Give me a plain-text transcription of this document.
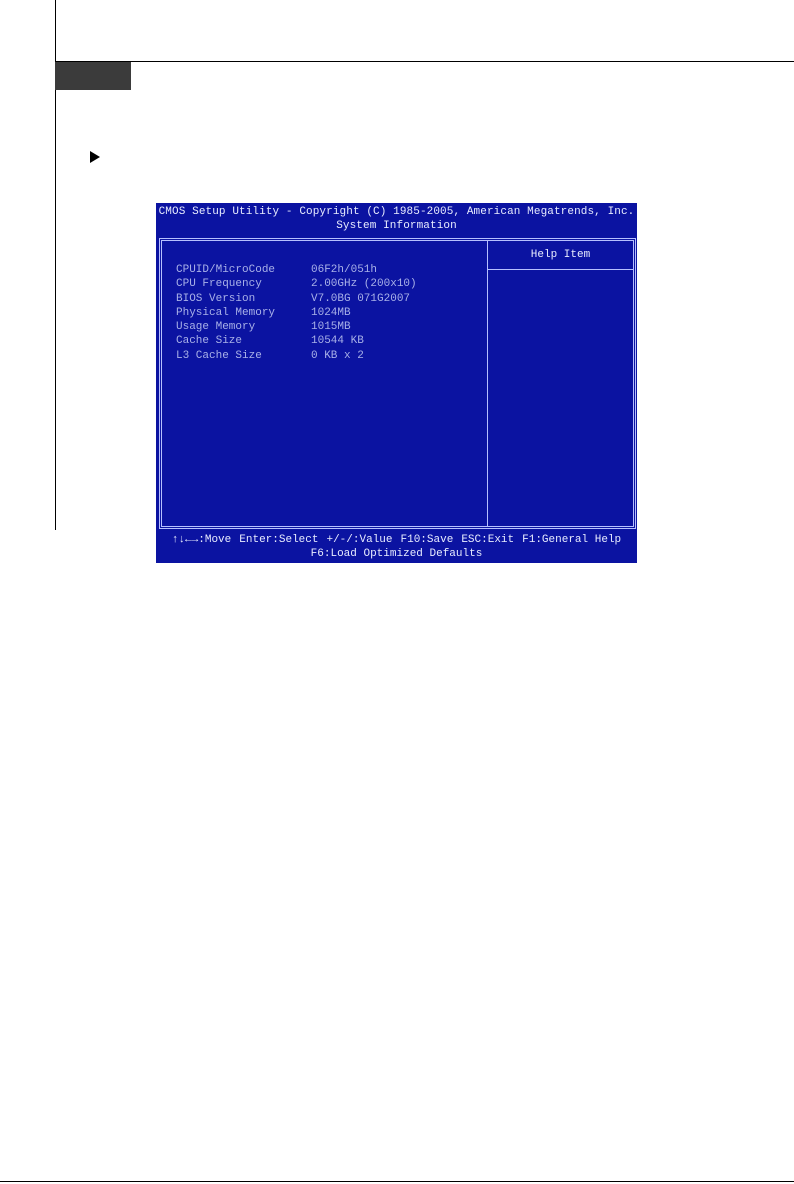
CMOS Setup Utility - Copyright (C) 1985-2005, American Megatrends, Inc.
System Information
CPUID/MicroCode	06F2h/051h
CPU Frequency	2.00GHz (200x10)
BIOS Version	V7.0BG 071G2007
Physical Memory	1024MB
Usage Memory	1015MB
Cache Size	10544 KB
L3 Cache Size	0 KB x 2
Help Item
↑↓←→:Move Enter:Select +/-/:Value F10:Save ESC:Exit F1:General Help
F6:Load Optimized Defaults
